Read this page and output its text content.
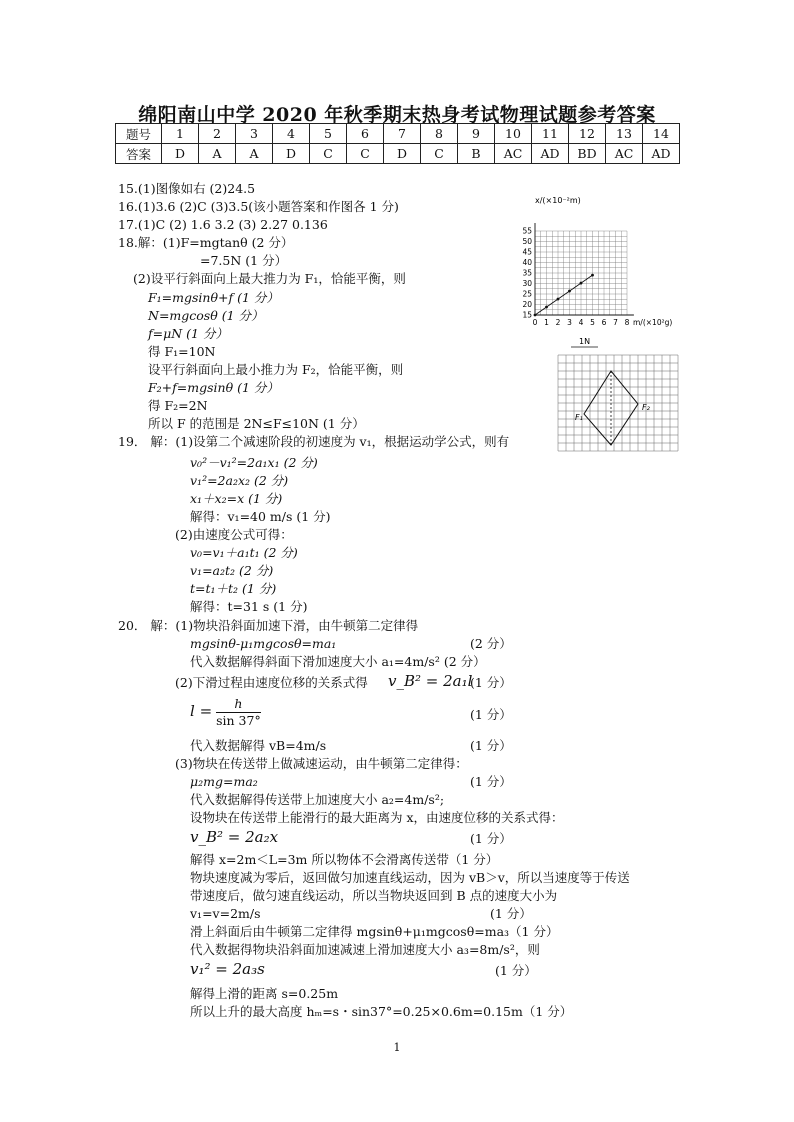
绵阳南山中学 2020 年秋季期末热身考试物理试题参考答案
题号	1	2	3	4	5	6	7	8	9	10	11	12	13	14
答案	D	A	A	D	C	C	D	C	B	AC	AD	BD	AC	AD
15.(1)图像如右 (2)24.5
16.(1)3.6 (2)C (3)3.5(该小题答案和作图各 1 分)
17.(1)C (2) 1.6 3.2 (3) 2.27 0.136
18.解：(1)F=mgtanθ (2 分）
=7.5N (1 分）
(2)设平行斜面向上最大推力为 F₁，恰能平衡，则
F₁=mgsinθ+f (1 分）
N=mgcosθ (1 分）
f=μN (1 分）
得 F₁=10N
设平行斜面向上最小推力为 F₂，恰能平衡，则
F₂+f=mgsinθ (1 分）
得 F₂=2N
所以 F 的范围是 2N≤F≤10N (1 分）
19． 解：(1)设第二个减速阶段的初速度为 v₁，根据运动学公式，则有
v₀²－v₁²=2a₁x₁ (2 分)
v₁²=2a₂x₂ (2 分)
x₁＋x₂=x (1 分)
解得：v₁=40 m/s (1 分)
(2)由速度公式可得：
v₀=v₁＋a₁t₁ (2 分)
v₁=a₂t₂ (2 分)
t=t₁＋t₂ (1 分)
解得：t=31 s (1 分)
20． 解：(1)物块沿斜面加速下滑，由牛顿第二定律得
mgsinθ-μ₁mgcosθ=ma₁	(2 分）
代入数据解得斜面下滑加速度大小 a₁=4m/s² (2 分）
(2)下滑过程由速度位移的关系式得 v_B² = 2a₁l
(1 分）
$l = \frac{h}{\sin 37^\circ}$	(1 分）
代入数据解得 vB=4m/s	(1 分）
(3)物块在传送带上做减速运动，由牛顿第二定律得：
μ₂mg=ma₂	(1 分）
代入数据解得传送带上加速度大小 a₂=4m/s²;
设物块在传送带上能滑行的最大距离为 x，由速度位移的关系式得：
v_B² = 2a₂x	(1 分）
解得 x=2m＜L=3m 所以物体不会滑离传送带（1 分）
物块速度减为零后，返回做匀加速直线运动，因为 vB＞v，所以当速度等于传送
带速度后，做匀速直线运动，所以当物块返回到 B 点的速度大小为
v₁=v=2m/s	(1 分）
滑上斜面后由牛顿第二定律得 mgsinθ+μ₁mgcosθ=ma₃（1 分）
代入数据得物块沿斜面加速减速上滑加速度大小 a₃=8m/s²，则
v₁² = 2a₃s	(1 分）
解得上滑的距离 s=0.25m
所以上升的最大高度 hₘ=s・sin37°=0.25×0.6m=0.15m（1 分）
15
20
25
30
35
40
45
50
55
0 1 2 3 4 5 6 7 8
x/(×10⁻²m)
m/(×10²g)
1N
F₁
F₂
1
